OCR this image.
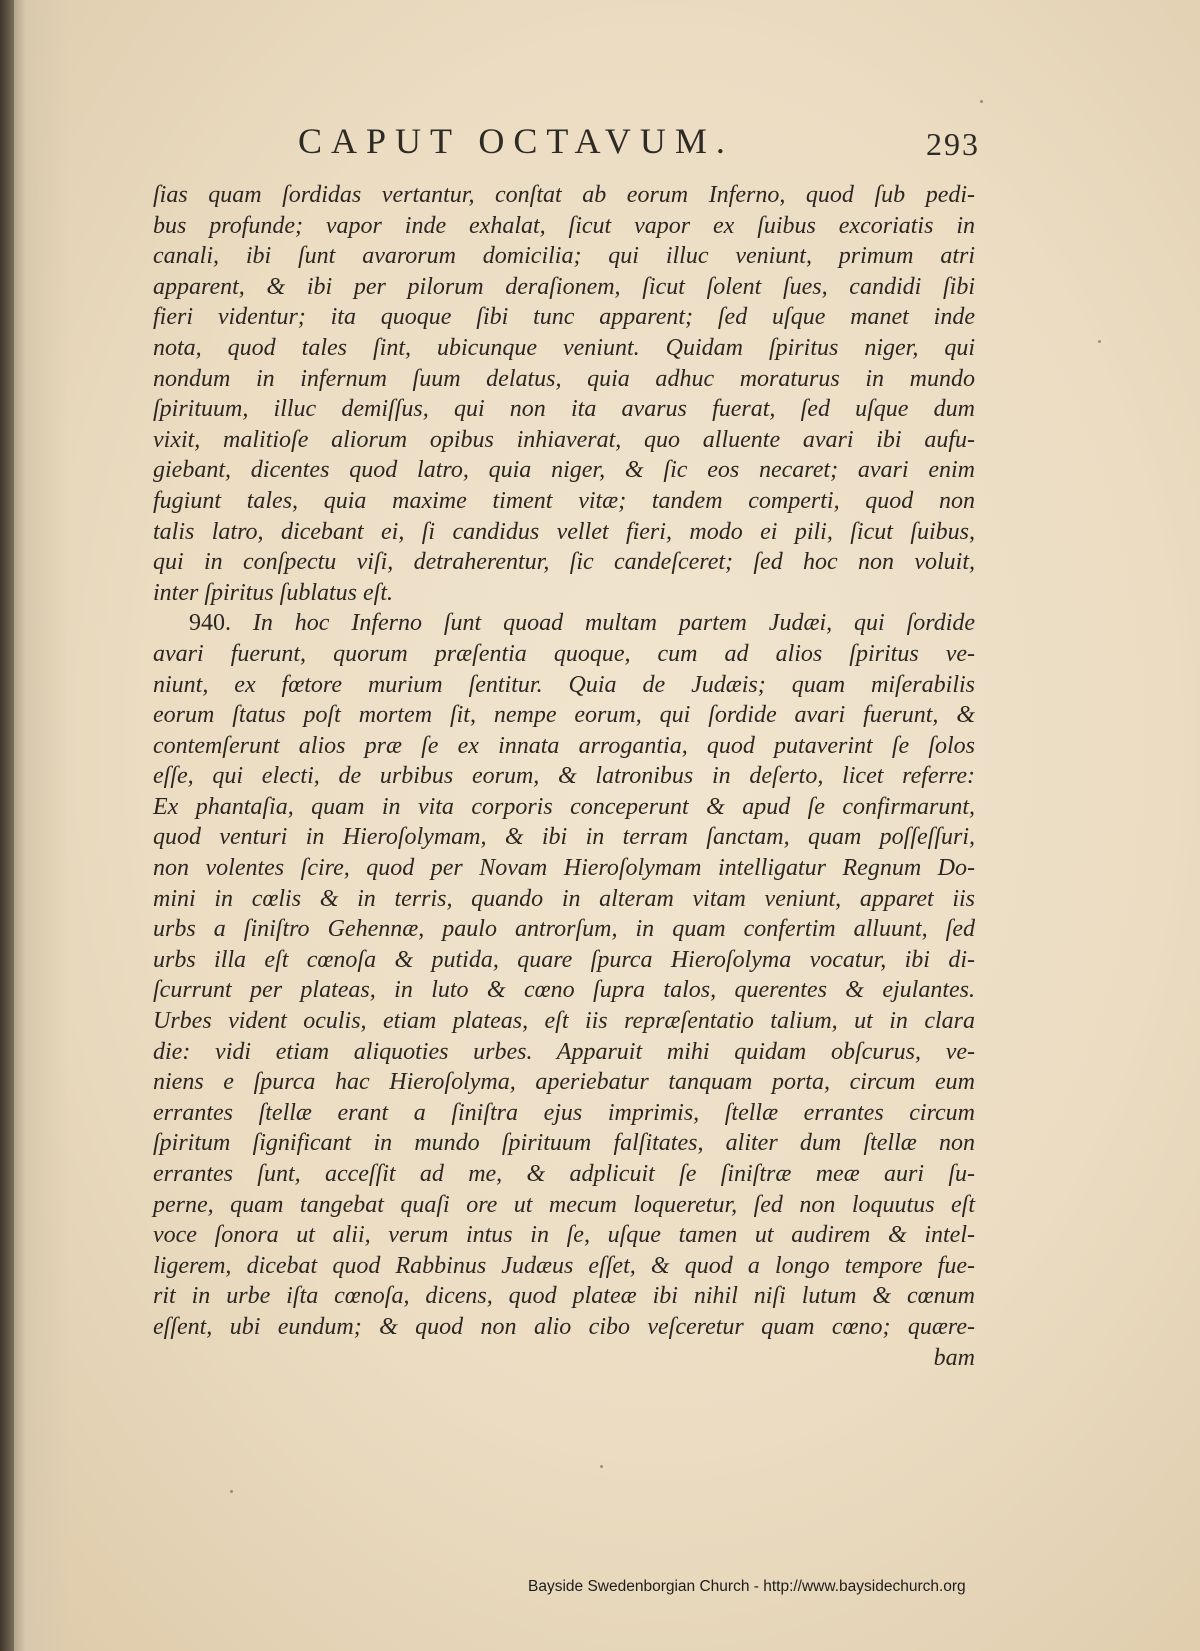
CAPUT OCTAVUM.	293
ſias quam ſordidas vertantur, conſtat ab eorum Inferno, quod ſub pedi-
bus profunde; vapor inde exhalat, ſicut vapor ex ſuibus excoriatis in
canali, ibi ſunt avarorum domicilia; qui illuc veniunt, primum atri
apparent, & ibi per pilorum deraſionem, ſicut ſolent ſues, candidi ſibi
fieri videntur; ita quoque ſibi tunc apparent; ſed uſque manet inde
nota, quod tales ſint, ubicunque veniunt. Quidam ſpiritus niger, qui
nondum in infernum ſuum delatus, quia adhuc moraturus in mundo
ſpirituum, illuc demiſſus, qui non ita avarus fuerat, ſed uſque dum
vixit, malitioſe aliorum opibus inhiaverat, quo alluente avari ibi aufu-
giebant, dicentes quod latro, quia niger, & ſic eos necaret; avari enim
fugiunt tales, quia maxime timent vitæ; tandem comperti, quod non
talis latro, dicebant ei, ſi candidus vellet fieri, modo ei pili, ſicut ſuibus,
qui in conſpectu viſi, detraherentur, ſic candeſceret; ſed hoc non voluit,
inter ſpiritus ſublatus eſt.
940. In hoc Inferno ſunt quoad multam partem Judæi, qui ſordide
avari fuerunt, quorum præſentia quoque, cum ad alios ſpiritus ve-
niunt, ex fœtore murium ſentitur. Quia de Judæis; quam miſerabilis
eorum ſtatus poſt mortem ſit, nempe eorum, qui ſordide avari fuerunt, &
contemſerunt alios præ ſe ex innata arrogantia, quod putaverint ſe ſolos
eſſe, qui electi, de urbibus eorum, & latronibus in deſerto, licet referre:
Ex phantaſia, quam in vita corporis conceperunt & apud ſe confirmarunt,
quod venturi in Hieroſolymam, & ibi in terram ſanctam, quam poſſeſſuri,
non volentes ſcire, quod per Novam Hieroſolymam intelligatur Regnum Do-
mini in cœlis & in terris, quando in alteram vitam veniunt, apparet iis
urbs a ſiniſtro Gehennæ, paulo antrorſum, in quam confertim alluunt, ſed
urbs illa eſt cœnoſa & putida, quare ſpurca Hieroſolyma vocatur, ibi di-
ſcurrunt per plateas, in luto & cœno ſupra talos, querentes & ejulantes.
Urbes vident oculis, etiam plateas, eſt iis repræſentatio talium, ut in clara
die: vidi etiam aliquoties urbes. Apparuit mihi quidam obſcurus, ve-
niens e ſpurca hac Hieroſolyma, aperiebatur tanquam porta, circum eum
errantes ſtellæ erant a ſiniſtra ejus imprimis, ſtellæ errantes circum
ſpiritum ſignificant in mundo ſpirituum falſitates, aliter dum ſtellæ non
errantes ſunt, acceſſit ad me, & adplicuit ſe ſiniſtræ meæ auri ſu-
perne, quam tangebat quaſi ore ut mecum loqueretur, ſed non loquutus eſt
voce ſonora ut alii, verum intus in ſe, uſque tamen ut audirem & intel-
ligerem, dicebat quod Rabbinus Judæus eſſet, & quod a longo tempore fue-
rit in urbe iſta cœnoſa, dicens, quod plateæ ibi nihil niſi lutum & cœnum
eſſent, ubi eundum; & quod non alio cibo veſceretur quam cœno; quære-
bam
Bayside Swedenborgian Church - http://www.baysidechurch.org
